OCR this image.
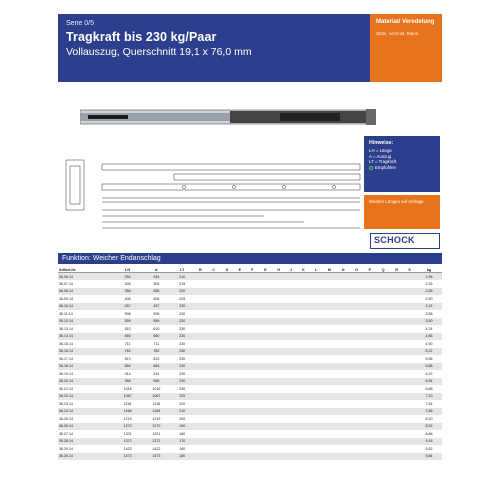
Serie 0/5
Tragkraft bis 230 kg/Paar
Vollauszug, Querschnitt 19,1 x 76,0 mm
Material/ Veredelung
Stahl, verzinkt, Blank
Hinweise:
LH = Länge
A = Auszug
LT = Tragkraft
Empfohlen
Weitere Längen auf Anfrage
SCHOCK
Funktion: Weicher Endanschlag
Artikel-Nr.	LH	A	LT	B	C	D	E	F	G	H	J	K	L	M	N	O	P	Q	R	S	kg
36.06.14	254	254	210																		1,96
36.07.14	305	305	215																		2,26
36.08.14	356	356	220																		2,58
36.09.14	406	406	225																		2,90
36.10.14	457	457	230																		3,24
36.11.14	508	508	230																		3,58
36.12.14	559	559	230																		3,90
36.13.14	610	610	230																		4,24
36.14.14	660	660	230																		4,56
36.15.14	711	711	230																		4,90
36.16.14	762	762	230																		5,22
36.17.14	813	813	230																		5,56
36.18.14	864	864	230																		5,88
36.19.14	914	914	230																		6,22
36.20.14	965	965	230																		6,54
36.21.14	1016	1016	230																		6,88
36.22.14	1067	1067	225																		7,20
36.23.14	1118	1118	220																		7,54
36.24.14	1168	1168	210																		7,86
36.25.14	1219	1219	200																		8,20
36.26.14	1270	1270	190																		8,52
36.27.14	1321	1321	180																		8,86
36.28.14	1372	1372	170																		9,18
36.29.14	1422	1422	160																		9,52
36.30.14	1473	1473	150																		9,84
